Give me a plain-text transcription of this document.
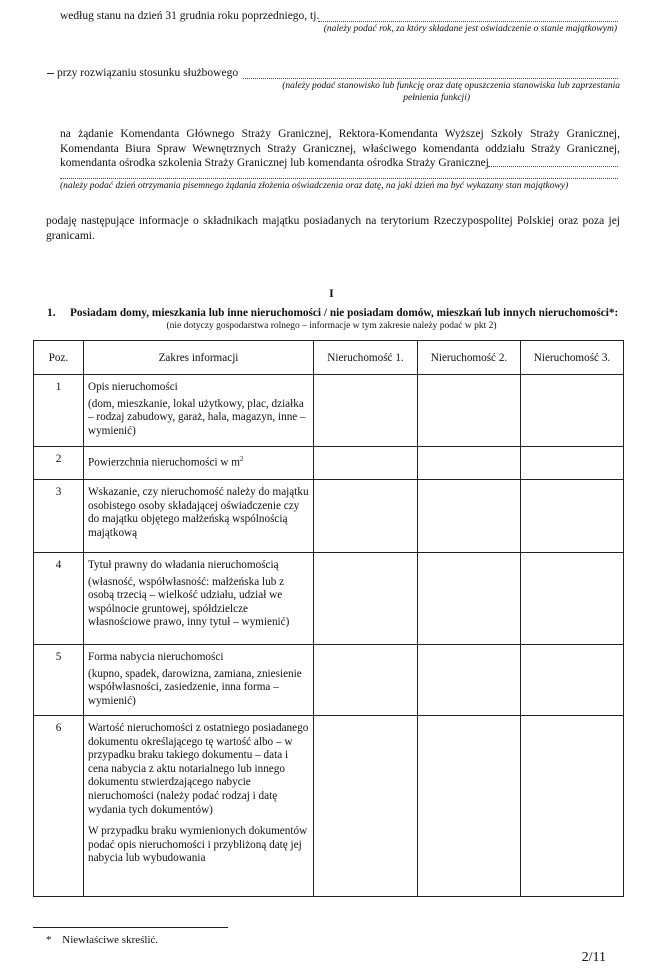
według stanu na dzień 31 grudnia roku poprzedniego, tj.
(należy podać rok, za który składane jest oświadczenie o stanie majątkowym)
przy rozwiązaniu stosunku służbowego
(należy podać stanowisko lub funkcję oraz datę opuszczenia stanowiska lub zaprzestania
pełnienia funkcji)
na żądanie Komendanta Głównego Straży Granicznej, Rektora-Komendanta Wyższej Szkoły Straży Granicznej, Komendanta Biura Spraw Wewnętrznych Straży Granicznej, właściwego komendanta oddziału Straży Granicznej, komendanta ośrodka szkolenia Straży Granicznej lub komendanta ośrodka Straży Granicznej
(należy podać dzień otrzymania pisemnego żądania złożenia oświadczenia oraz datę, na jaki dzień ma być wykazany stan majątkowy)
podaję następujące informacje o składnikach majątku posiadanych na terytorium Rzeczypospolitej Polskiej oraz poza jej granicami.
I
1. Posiadam domy, mieszkania lub inne nieruchomości / nie posiadam domów, mieszkań lub innych nieruchomości*:
(nie dotyczy gospodarstwa rolnego – informacje w tym zakresie należy podać w pkt 2)
Poz.	Zakres informacji	Nieruchomość 1.	Nieruchomość 2.	Nieruchomość 3.
1	Opis nieruchomości
(dom, mieszkanie, lokal użytkowy, plac, działka – rodzaj zabudowy, garaż, hala, magazyn, inne – wymienić)			

2	Powierzchnia nieruchomości w $m^2$			
3	Wskazanie, czy nieruchomość należy do majątku osobistego osoby składającej oświadczenie czy do majątku objętego małżeńską wspólnością majątkową			

4	Tytuł prawny do władania nieruchomością
(własność, współwłasność: małżeńska lub z osobą trzecią – wielkość udziału, udział we wspólnocie gruntowej, spółdzielcze własnościowe prawo, inny tytuł – wymienić)			

5	Forma nabycia nieruchomości
(kupno, spadek, darowizna, zamiana, zniesienie współwłasności, zasiedzenie, inna forma – wymienić)			

6	Wartość nieruchomości z ostatniego posiadanego dokumentu określającego tę wartość albo – w przypadku braku takiego dokumentu – data i cena nabycia z aktu notarialnego lub innego dokumentu stwierdzającego nabycie nieruchomości (należy podać rodzaj i datę wydania tych dokumentów)
W przypadku braku wymienionych dokumentów podać opis nieruchomości i przybliżoną datę jej nabycia lub wybudowania			

* Niewłaściwe skreślić.
2/11
